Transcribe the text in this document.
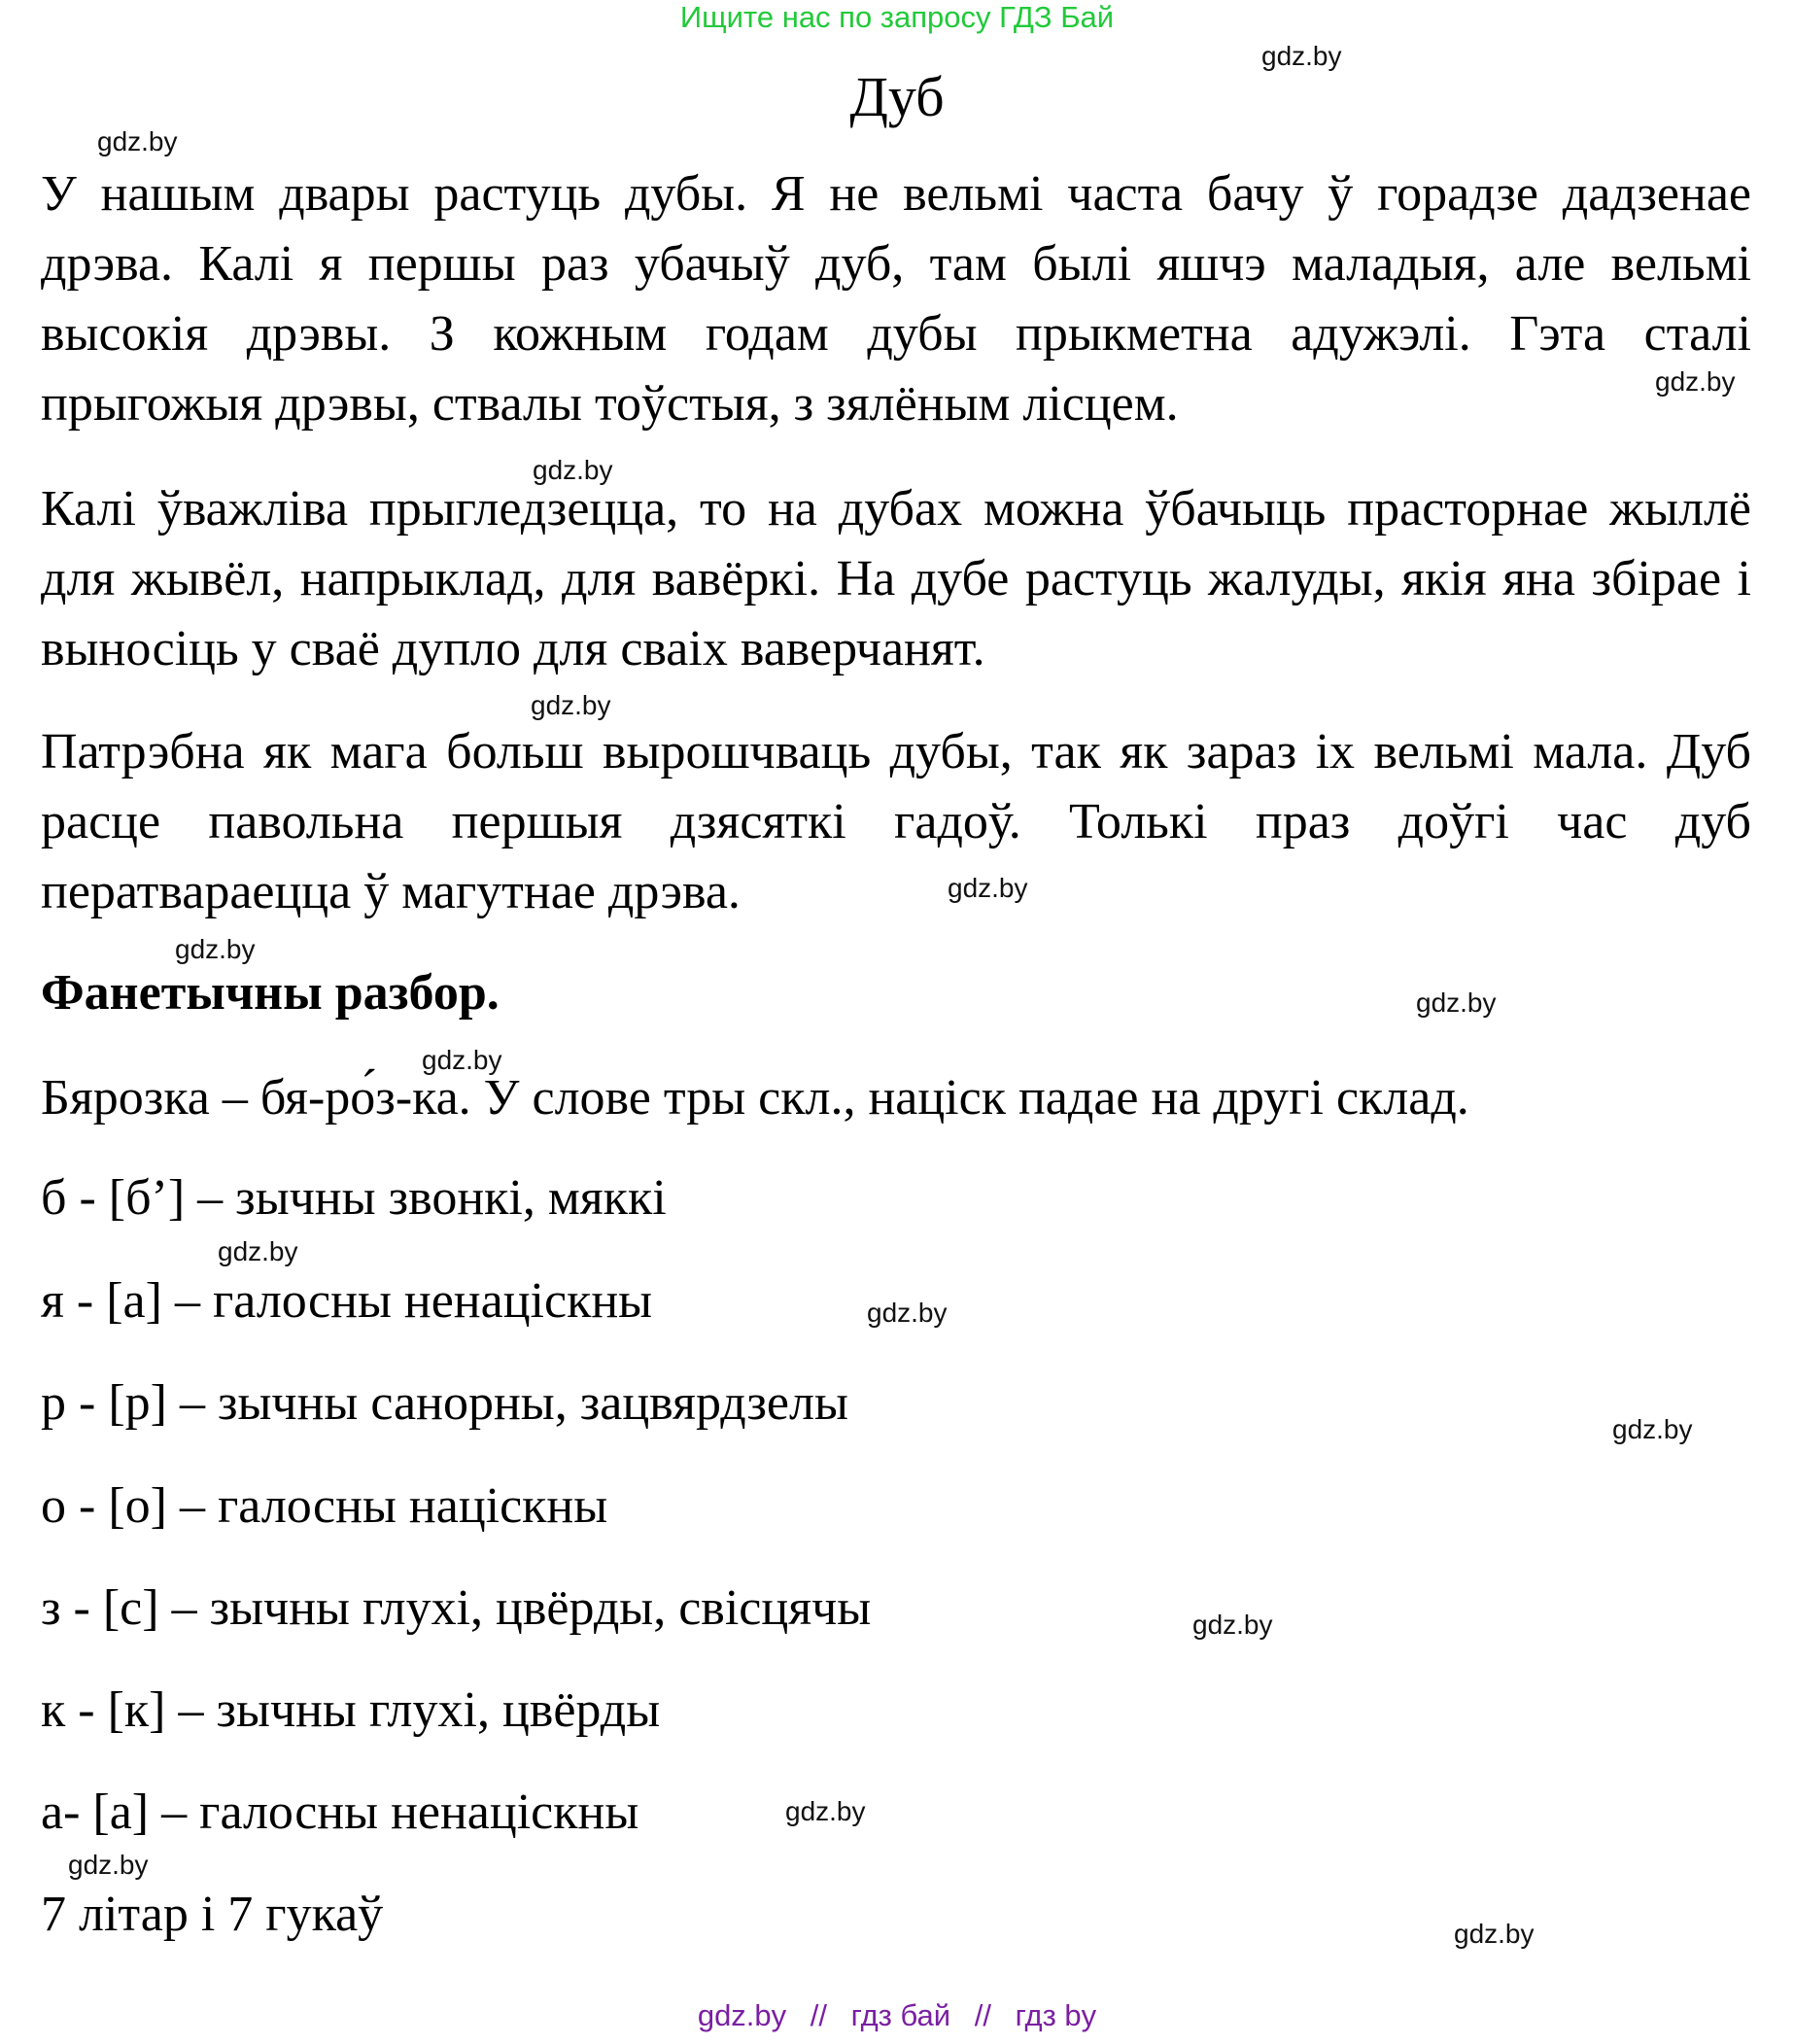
Ищите нас по запросу ГДЗ Бай
Дуб

У нашым двары растуць дубы. Я не вельмі часта бачу ў горадзе дадзенае дрэва. Калі я першы раз убачыў дуб, там былі яшчэ маладыя, але вельмі высокія дрэвы. З кожным годам дубы прыкметна адужэлі. Гэта сталі прыгожыя дрэвы, ствалы тоўстыя, з зялёным лісцем.

Калі ўважліва прыгледзецца, то на дубах можна ўбачыць прасторнае жыллё для жывёл, напрыклад, для вавёркі. На дубе растуць жалуды, якія яна збірае і выносіць у сваё дупло для сваіх ваверчанят.

Патрэбна як мага больш вырошчваць дубы, так як зараз іх вельмі мала. Дуб расце павольна першыя дзясяткі гадоў. Толькі праз доўгі час дуб ператвараецца ў магутнае дрэва.

Фанетычны разбор.
Бярозка – бя-ро́з-ка. У слове тры скл., націск падае на другі склад.
б - [б’] – зычны звонкі, мяккі
я - [а] – галосны ненаціскны
р - [р] – зычны санорны, зацвярдзелы
о - [о] – галосны націскны
з - [с] – зычны глухі, цвёрды, свісцячы
к - [к] – зычны глухі, цвёрды
а- [а] – галосны ненаціскны
7 літар і 7 гукаў
gdz.by
gdz.by
gdz.by
gdz.by
gdz.by
gdz.by
gdz.by
gdz.by
gdz.by
gdz.by
gdz.by
gdz.by
gdz.by
gdz.by
gdz.by
gdz.by
gdz.by // гдз бай // гдз by
